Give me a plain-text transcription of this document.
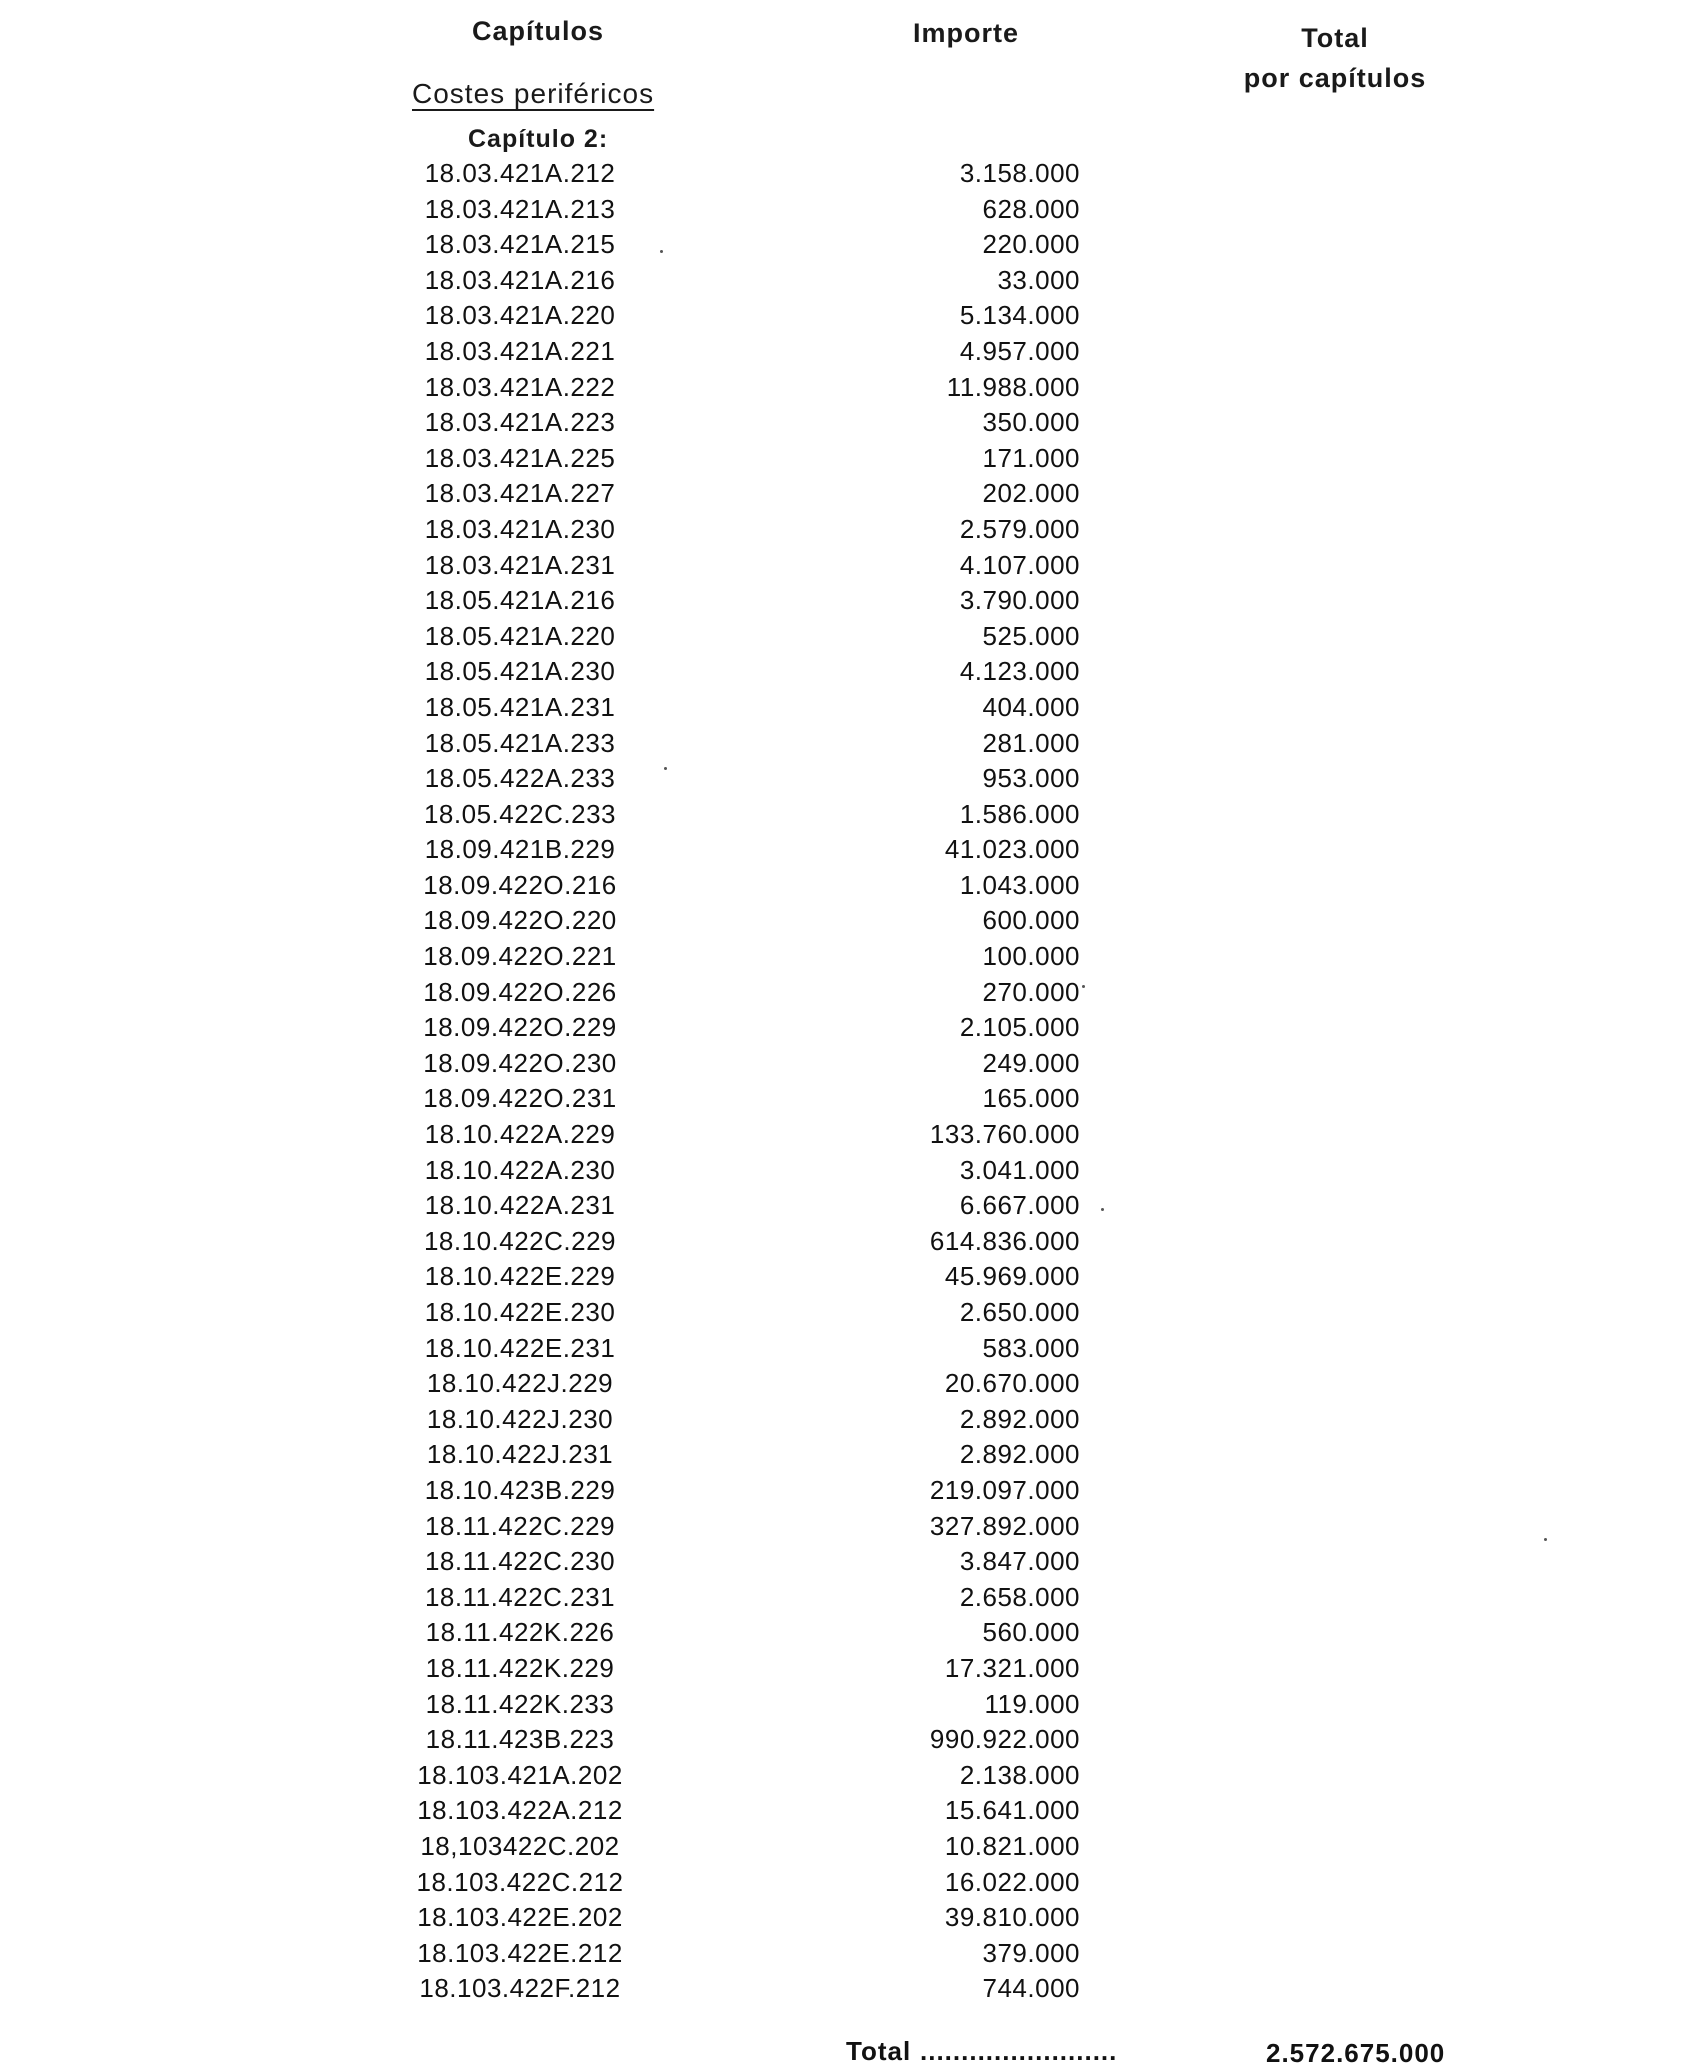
Capítulos	Importe	Total
por capítulos
Costes periféricos
Capítulo 2:
18.03.421A.212	3.158.000
18.03.421A.213	628.000
18.03.421A.215	220.000
18.03.421A.216	33.000
18.03.421A.220	5.134.000
18.03.421A.221	4.957.000
18.03.421A.222	11.988.000
18.03.421A.223	350.000
18.03.421A.225	171.000
18.03.421A.227	202.000
18.03.421A.230	2.579.000
18.03.421A.231	4.107.000
18.05.421A.216	3.790.000
18.05.421A.220	525.000
18.05.421A.230	4.123.000
18.05.421A.231	404.000
18.05.421A.233	281.000
18.05.422A.233	953.000
18.05.422C.233	1.586.000
18.09.421B.229	41.023.000
18.09.422O.216	1.043.000
18.09.422O.220	600.000
18.09.422O.221	100.000
18.09.422O.226	270.000
18.09.422O.229	2.105.000
18.09.422O.230	249.000
18.09.422O.231	165.000
18.10.422A.229	133.760.000
18.10.422A.230	3.041.000
18.10.422A.231	6.667.000
18.10.422C.229	614.836.000
18.10.422E.229	45.969.000
18.10.422E.230	2.650.000
18.10.422E.231	583.000
18.10.422J.229	20.670.000
18.10.422J.230	2.892.000
18.10.422J.231	2.892.000
18.10.423B.229	219.097.000
18.11.422C.229	327.892.000
18.11.422C.230	3.847.000
18.11.422C.231	2.658.000
18.11.422K.226	560.000
18.11.422K.229	17.321.000
18.11.422K.233	119.000
18.11.423B.223	990.922.000
18.103.421A.202	2.138.000
18.103.422A.212	15.641.000
18,103422C.202	10.821.000
18.103.422C.212	16.022.000
18.103.422E.202	39.810.000
18.103.422E.212	379.000
18.103.422F.212	744.000
Total ........................	2.572.675.000
